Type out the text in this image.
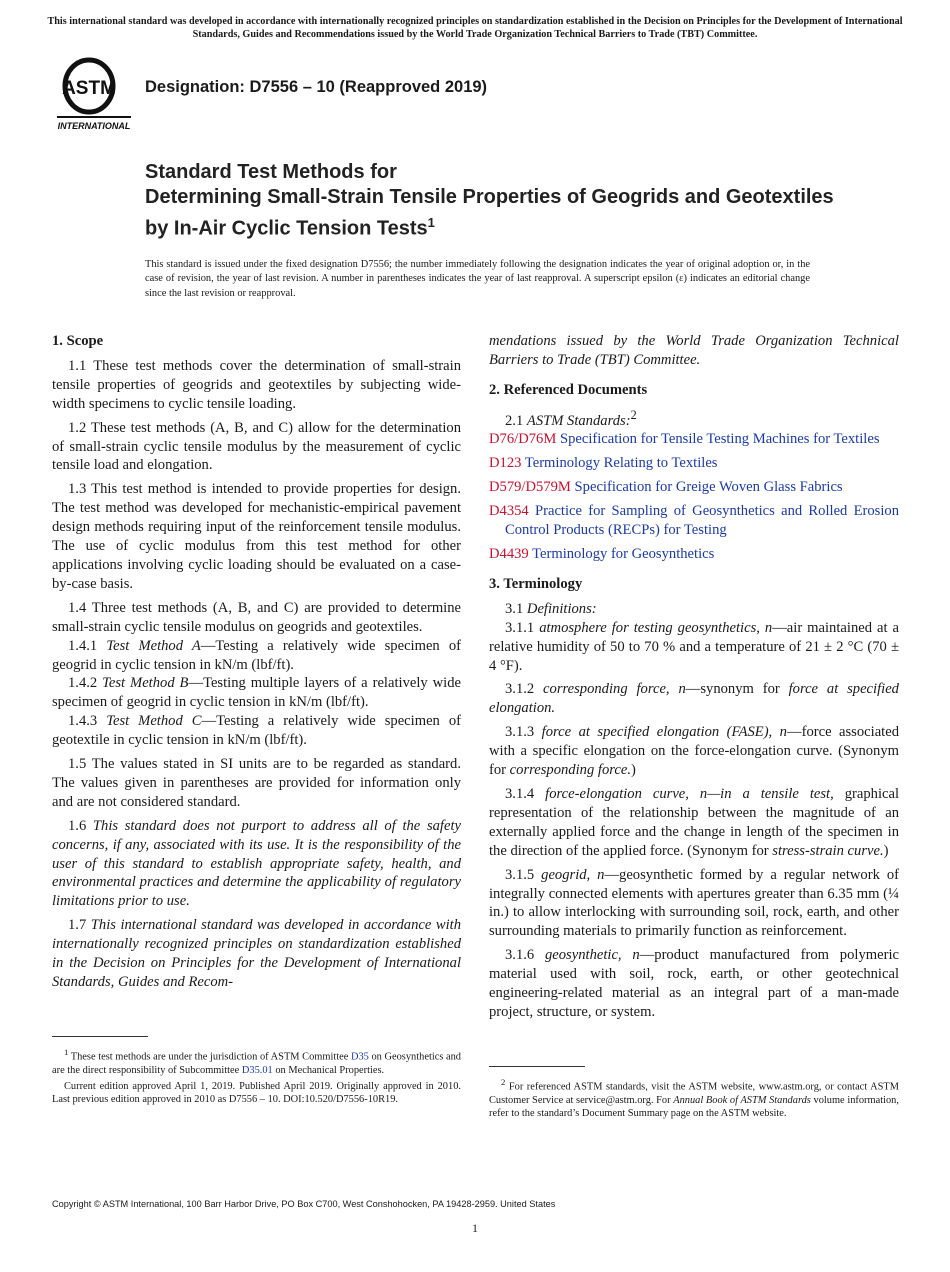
This international standard was developed in accordance with internationally recognized principles on standardization established in the Decision on Principles for the Development of International Standards, Guides and Recommendations issued by the World Trade Organization Technical Barriers to Trade (TBT) Committee.
ASTM
INTERNATIONAL
Designation: D7556 – 10 (Reapproved 2019)
Standard Test Methods for
Determining Small-Strain Tensile Properties of Geogrids and Geotextiles by In-Air Cyclic Tension Tests$^1$
This standard is issued under the fixed designation D7556; the number immediately following the designation indicates the year of original adoption or, in the case of revision, the year of last revision. A number in parentheses indicates the year of last reapproval. A superscript epsilon (ε) indicates an editorial change since the last revision or reapproval.
1. Scope

1.1 These test methods cover the determination of small-strain tensile properties of geogrids and geotextiles by subjecting wide-width specimens to cyclic tensile loading.

1.2 These test methods (A, B, and C) allow for the determination of small-strain cyclic tensile modulus by the measurement of cyclic tensile load and elongation.

1.3 This test method is intended to provide properties for design. The test method was developed for mechanistic-empirical pavement design methods requiring input of the reinforcement tensile modulus. The use of cyclic modulus from this test method for other applications involving cyclic loading should be evaluated on a case-by-case basis.

1.4 Three test methods (A, B, and C) are provided to determine small-strain cyclic tensile modulus on geogrids and geotextiles.

1.4.1 Test Method A—Testing a relatively wide specimen of geogrid in cyclic tension in kN/m (lbf/ft).

1.4.2 Test Method B—Testing multiple layers of a relatively wide specimen of geogrid in cyclic tension in kN/m (lbf/ft).

1.4.3 Test Method C—Testing a relatively wide specimen of geotextile in cyclic tension in kN/m (lbf/ft).

1.5 The values stated in SI units are to be regarded as standard. The values given in parentheses are provided for information only and are not considered standard.

1.6 This standard does not purport to address all of the safety concerns, if any, associated with its use. It is the responsibility of the user of this standard to establish appropriate safety, health, and environmental practices and determine the applicability of regulatory limitations prior to use.

1.7 This international standard was developed in accordance with internationally recognized principles on standardization established in the Decision on Principles for the Development of International Standards, Guides and Recom-

$^1$ These test methods are under the jurisdiction of ASTM Committee D35 on Geosynthetics and are the direct responsibility of Subcommittee D35.01 on Mechanical Properties.

Current edition approved April 1, 2019. Published April 2019. Originally approved in 2010. Last previous edition approved in 2010 as D7556 – 10. DOI:10.520/D7556-10R19.

mendations issued by the World Trade Organization Technical Barriers to Trade (TBT) Committee.

2. Referenced Documents

2.1 ASTM Standards:$^2$

D76/D76M Specification for Tensile Testing Machines for Textiles

D123 Terminology Relating to Textiles

D579/D579M Specification for Greige Woven Glass Fabrics

D4354 Practice for Sampling of Geosynthetics and Rolled Erosion Control Products (RECPs) for Testing

D4439 Terminology for Geosynthetics

3. Terminology

3.1 Definitions:

3.1.1 atmosphere for testing geosynthetics, n—air maintained at a relative humidity of 50 to 70 % and a temperature of 21 ± 2 °C (70 ± 4 °F).

3.1.2 corresponding force, n—synonym for force at specified elongation.

3.1.3 force at specified elongation (FASE), n—force associated with a specific elongation on the force-elongation curve. (Synonym for corresponding force.)

3.1.4 force-elongation curve, n—in a tensile test, graphical representation of the relationship between the magnitude of an externally applied force and the change in length of the specimen in the direction of the applied force. (Synonym for stress-strain curve.)

3.1.5 geogrid, n—geosynthetic formed by a regular network of integrally connected elements with apertures greater than 6.35 mm (¼ in.) to allow interlocking with surrounding soil, rock, earth, and other surrounding materials to primarily function as reinforcement.

3.1.6 geosynthetic, n—product manufactured from polymeric material used with soil, rock, earth, or other geotechnical engineering-related material as an integral part of a man-made project, structure, or system.

$^2$ For referenced ASTM standards, visit the ASTM website, www.astm.org, or contact ASTM Customer Service at service@astm.org. For Annual Book of ASTM Standards volume information, refer to the standard’s Document Summary page on the ASTM website.

Copyright © ASTM International, 100 Barr Harbor Drive, PO Box C700, West Conshohocken, PA 19428-2959. United States
1
